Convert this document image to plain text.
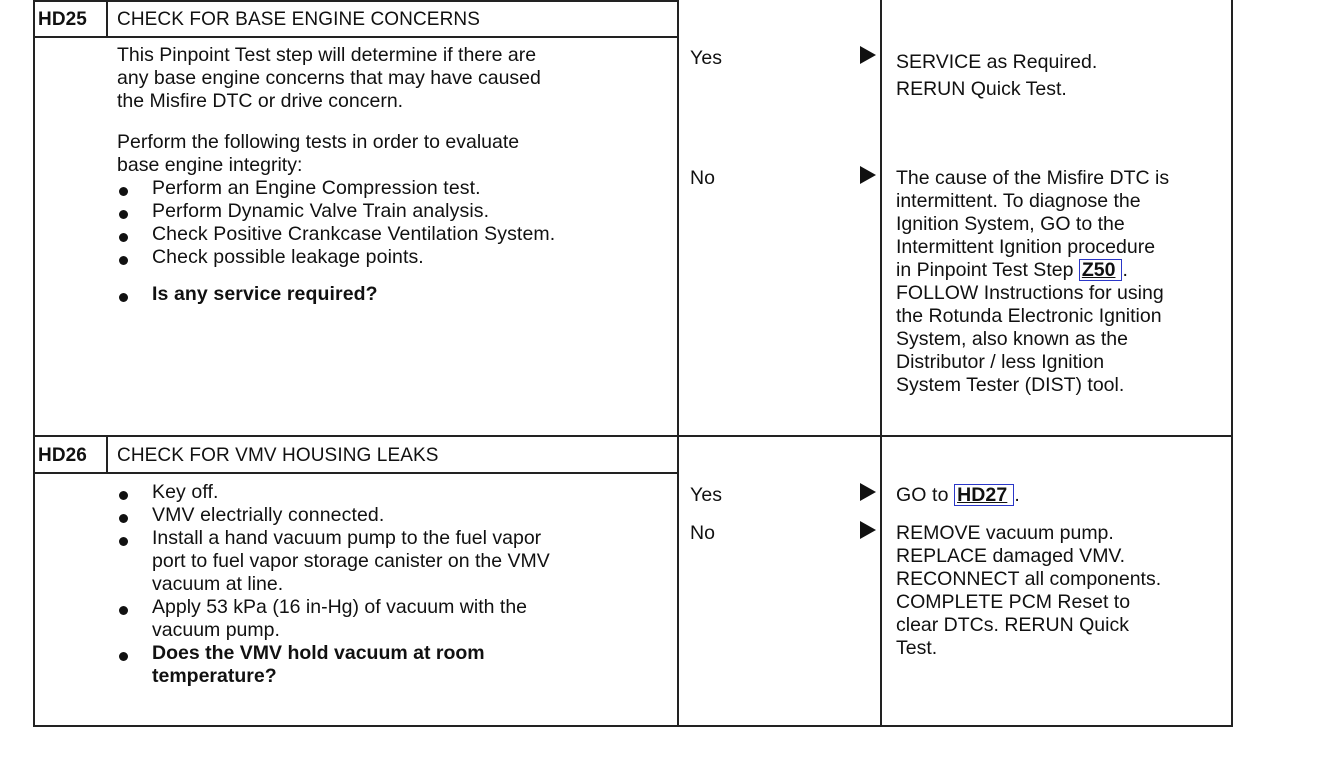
HD25 CHECK FOR BASE ENGINE CONCERNS
This Pinpoint Test step will determine if there are
any base engine concerns that may have caused
the Misfire DTC or drive concern.
Perform the following tests in order to evaluate
base engine integrity:
Perform an Engine Compression test.
Perform Dynamic Valve Train analysis.
Check Positive Crankcase Ventilation System.
Check possible leakage points.
Is any service required?
Yes	SERVICE as Required.
RERUN Quick Test.
No	The cause of the Misfire DTC is
intermittent. To diagnose the
Ignition System, GO to the
Intermittent Ignition procedure
in Pinpoint Test Step Z50 .
FOLLOW Instructions for using
the Rotunda Electronic Ignition
System, also known as the
Distributor / less Ignition
System Tester (DIST) tool.
HD26 CHECK FOR VMV HOUSING LEAKS
Key off.
VMV electrially connected.
Install a hand vacuum pump to the fuel vapor
port to fuel vapor storage canister on the VMV
vacuum at line.
Apply 53 kPa (16 in-Hg) of vacuum with the
vacuum pump.
Does the VMV hold vacuum at room
temperature?
Yes	GO to HD27 .
No	REMOVE vacuum pump.
REPLACE damaged VMV.
RECONNECT all components.
COMPLETE PCM Reset to
clear DTCs. RERUN Quick
Test.
